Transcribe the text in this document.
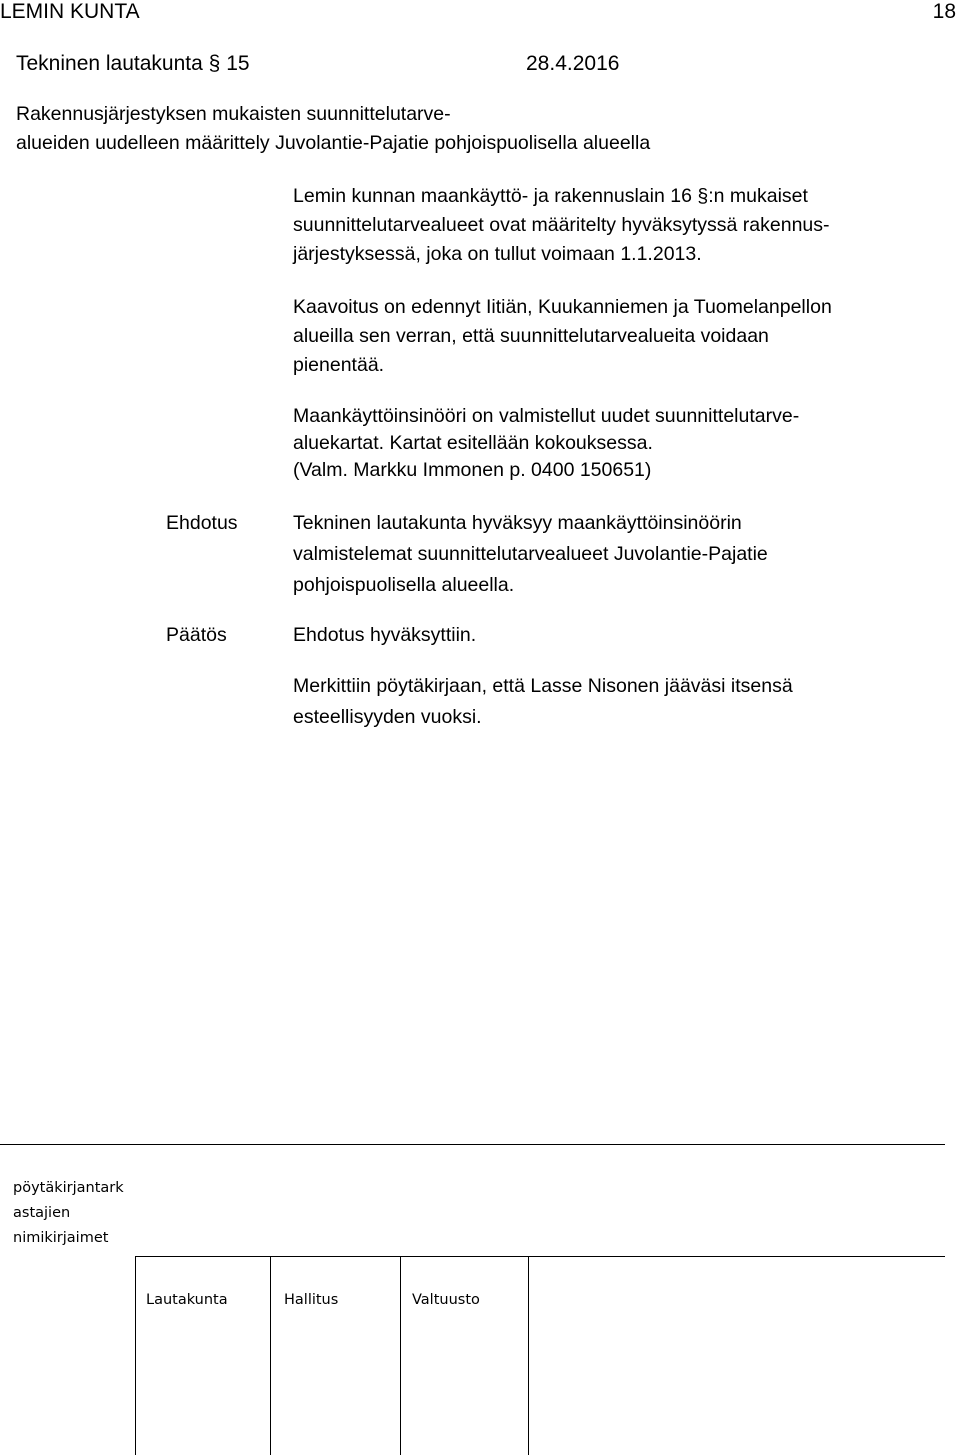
LEMIN KUNTA	18
Tekninen lautakunta § 15	28.4.2016
Rakennusjärjestyksen mukaisten suunnittelutarve-
alueiden uudelleen määrittely Juvolantie-Pajatie pohjoispuolisella alueella
Lemin kunnan maankäyttö- ja rakennuslain 16 §:n mukaiset
suunnittelutarvealueet ovat määritelty hyväksytyssä rakennus-
järjestyksessä, joka on tullut voimaan 1.1.2013.
Kaavoitus on edennyt Iitiän, Kuukanniemen ja Tuomelanpellon
alueilla sen verran, että suunnittelutarvealueita voidaan
pienentää.
Maankäyttöinsinööri on valmistellut uudet suunnittelutarve-
aluekartat. Kartat esitellään kokouksessa.
(Valm. Markku Immonen p. 0400 150651)
Ehdotus	Tekninen lautakunta hyväksyy maankäyttöinsinöörin
valmistelemat suunnittelutarvealueet Juvolantie-Pajatie
pohjoispuolisella alueella.
Päätös	Ehdotus hyväksyttiin.
Merkittiin pöytäkirjaan, että Lasse Nisonen jääväsi itsensä
esteellisyyden vuoksi.
pöytäkirjantark
astajien
nimikirjaimet
Lautakunta	Hallitus	Valtuusto
